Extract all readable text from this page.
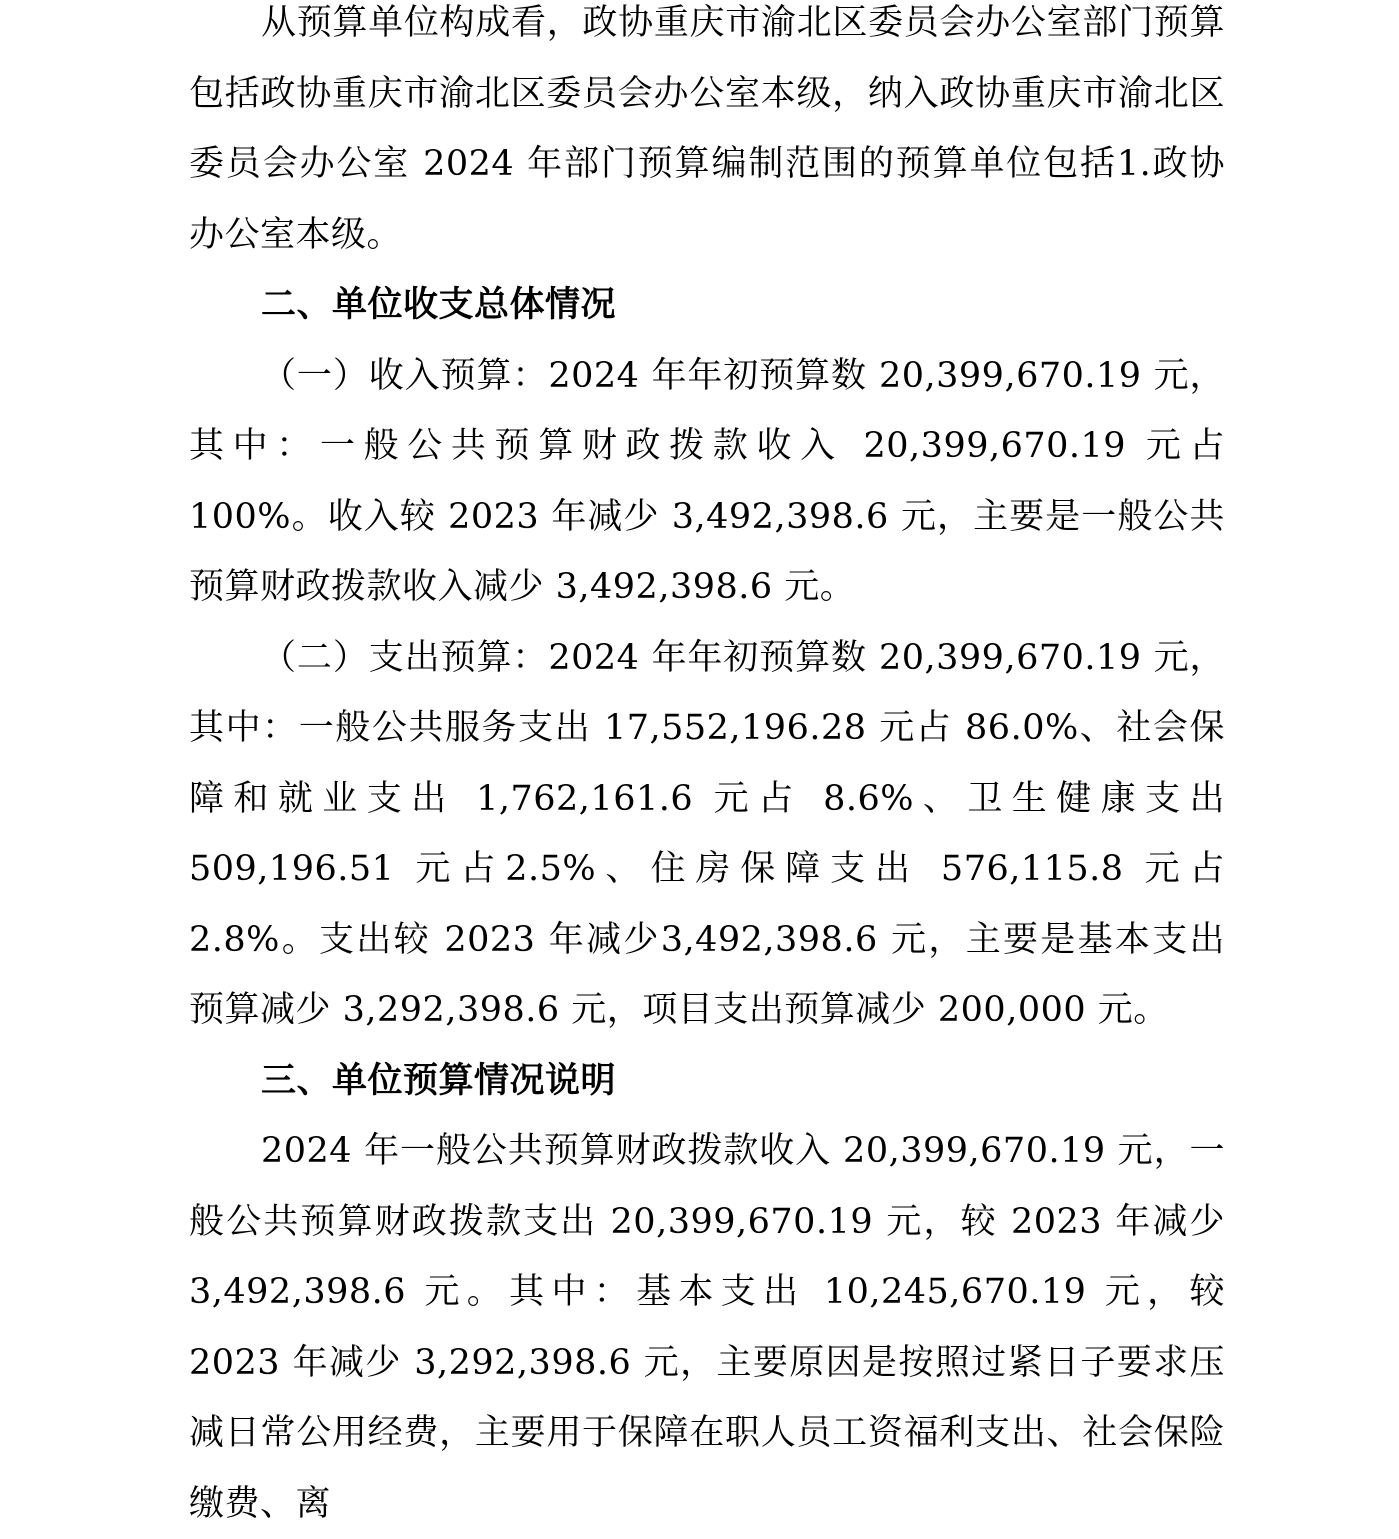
从预算单位构成看，政协重庆市渝北区委员会办公室部门预算包括政协重庆市渝北区委员会办公室本级，纳入政协重庆市渝北区委员会办公室 2024 年部门预算编制范围的预算单位包括1.政协办公室本级。

二、单位收支总体情况

（一）收入预算：2024 年年初预算数 20,399,670.19 元，其中：一般公共预算财政拨款收入 20,399,670.19 元占 100%。收入较 2023 年减少 3,492,398.6 元，主要是一般公共预算财政拨款收入减少 3,492,398.6 元。

（二）支出预算：2024 年年初预算数 20,399,670.19 元，其中：一般公共服务支出 17,552,196.28 元占 86.0%、社会保障和就业支出 1,762,161.6 元占 8.6%、卫生健康支出 509,196.51 元占2.5%、住房保障支出 576,115.8 元占 2.8%。支出较 2023 年减少3,492,398.6 元，主要是基本支出预算减少 3,292,398.6 元，项目支出预算减少 200,000 元。

三、单位预算情况说明

2024 年一般公共预算财政拨款收入 20,399,670.19 元，一般公共预算财政拨款支出 20,399,670.19 元，较 2023 年减少3,492,398.6 元。其中：基本支出 10,245,670.19 元，较 2023 年减少 3,292,398.6 元，主要原因是按照过紧日子要求压减日常公用经费，主要用于保障在职人员工资福利支出、社会保险缴费、离
